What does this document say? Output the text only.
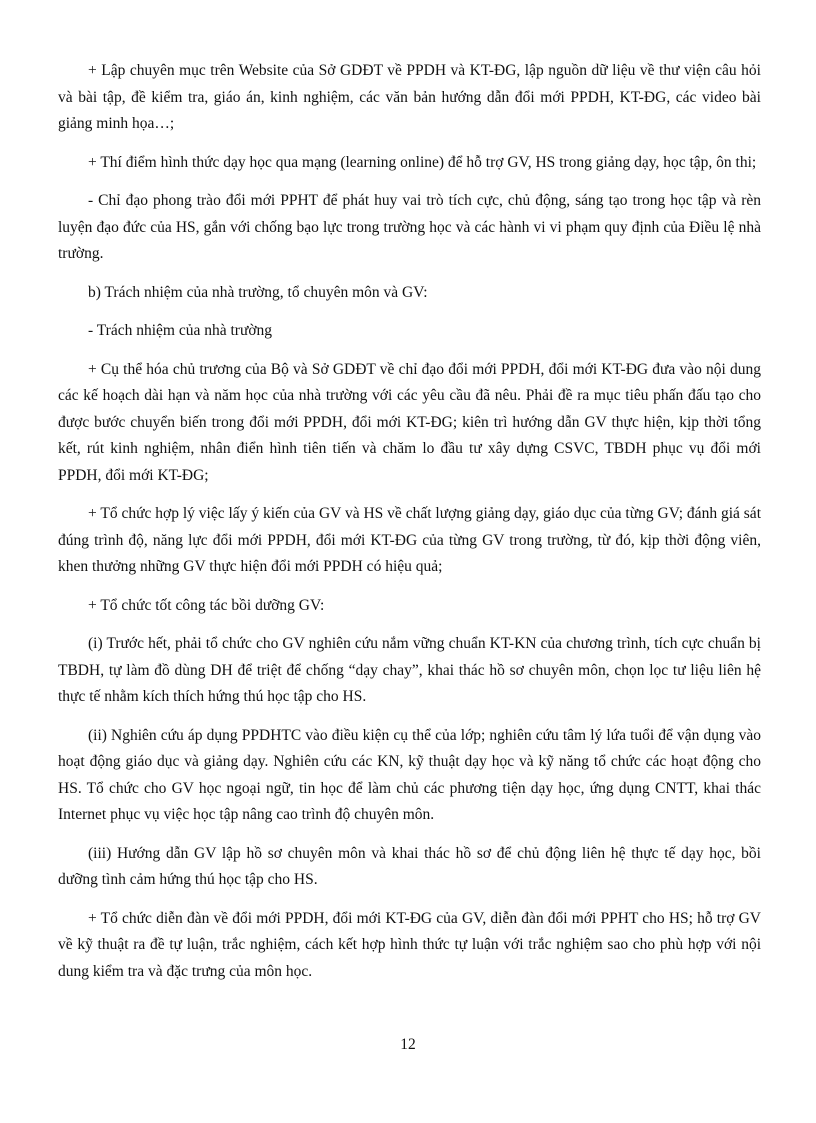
+ Lập chuyên mục trên Website của Sở GDĐT về PPDH và KT-ĐG, lập nguồn dữ liệu về thư viện câu hỏi và bài tập, đề kiểm tra, giáo án, kinh nghiệm, các văn bản hướng dẫn đổi mới PPDH, KT-ĐG, các video bài giảng minh họa…;

+ Thí điểm hình thức dạy học qua mạng (learning online) để hỗ trợ GV, HS trong giảng dạy, học tập, ôn thi;

- Chỉ đạo phong trào đổi mới PPHT để phát huy vai trò tích cực, chủ động, sáng tạo trong học tập và rèn luyện đạo đức của HS, gắn với chống bạo lực trong trường học và các hành vi vi phạm quy định của Điều lệ nhà trường.

b) Trách nhiệm của nhà trường, tổ chuyên môn và GV:

- Trách nhiệm của nhà trường

+ Cụ thể hóa chủ trương của Bộ và Sở GDĐT về chỉ đạo đổi mới PPDH, đổi mới KT-ĐG đưa vào nội dung các kế hoạch dài hạn và năm học của nhà trường với các yêu cầu đã nêu. Phải đề ra mục tiêu phấn đấu tạo cho được bước chuyển biến trong đổi mới PPDH, đổi mới KT-ĐG; kiên trì hướng dẫn GV thực hiện, kịp thời tổng kết, rút kinh nghiệm, nhân điển hình tiên tiến và chăm lo đầu tư xây dựng CSVC, TBDH phục vụ đổi mới PPDH, đổi mới KT-ĐG;

+ Tổ chức hợp lý việc lấy ý kiến của GV và HS về chất lượng giảng dạy, giáo dục của từng GV; đánh giá sát đúng trình độ, năng lực đổi mới PPDH, đổi mới KT-ĐG của từng GV trong trường, từ đó, kịp thời động viên, khen thưởng những GV thực hiện đổi mới PPDH có hiệu quả;

+ Tổ chức tốt công tác bồi dưỡng GV:

(i) Trước hết, phải tổ chức cho GV nghiên cứu nắm vững chuẩn KT-KN của chương trình, tích cực chuẩn bị TBDH, tự làm đồ dùng DH để triệt để chống “dạy chay”, khai thác hồ sơ chuyên môn, chọn lọc tư liệu liên hệ thực tế nhằm kích thích hứng thú học tập cho HS.

(ii) Nghiên cứu áp dụng PPDHTC vào điều kiện cụ thể của lớp; nghiên cứu tâm lý lứa tuổi để vận dụng vào hoạt động giáo dục và giảng dạy. Nghiên cứu các KN, kỹ thuật dạy học và kỹ năng tổ chức các hoạt động cho HS. Tổ chức cho GV học ngoại ngữ, tin học để làm chủ các phương tiện dạy học, ứng dụng CNTT, khai thác Internet phục vụ việc học tập nâng cao trình độ chuyên môn.

(iii) Hướng dẫn GV lập hồ sơ chuyên môn và khai thác hồ sơ để chủ động liên hệ thực tế dạy học, bồi dưỡng tình cảm hứng thú học tập cho HS.

+ Tổ chức diễn đàn về đổi mới PPDH, đổi mới KT-ĐG của GV, diễn đàn đổi mới PPHT cho HS; hỗ trợ GV về kỹ thuật ra đề tự luận, trắc nghiệm, cách kết hợp hình thức tự luận với trắc nghiệm sao cho phù hợp với nội dung kiểm tra và đặc trưng của môn học.

12
